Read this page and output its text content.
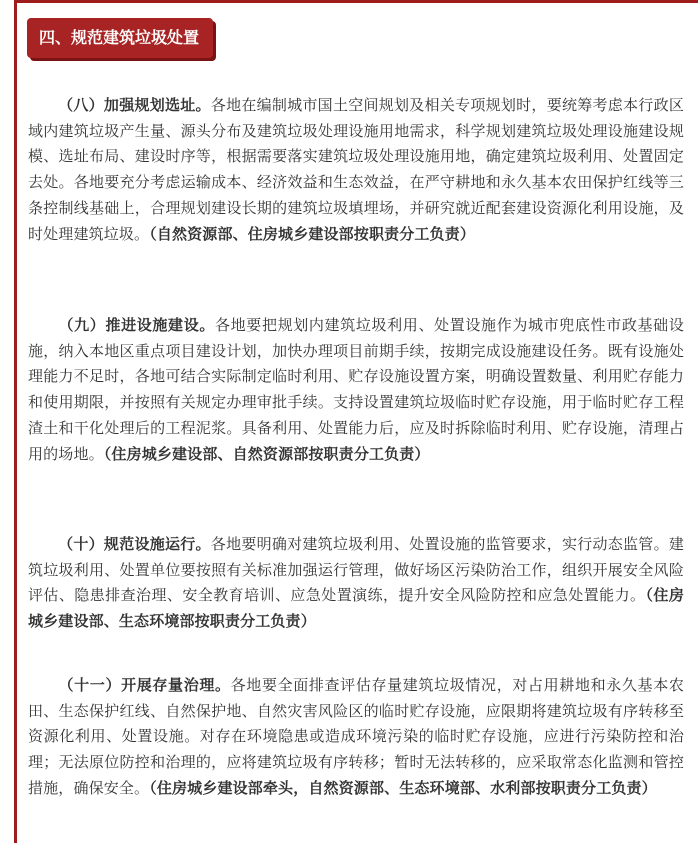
四、规范建筑垃圾处置

（八）加强规划选址。各地在编制城市国土空间规划及相关专项规划时，要统筹考虑本行政区域内建筑垃圾产生量、源头分布及建筑垃圾处理设施用地需求，科学规划建筑垃圾处理设施建设规模、选址布局、建设时序等，根据需要落实建筑垃圾处理设施用地，确定建筑垃圾利用、处置固定去处。各地要充分考虑运输成本、经济效益和生态效益，在严守耕地和永久基本农田保护红线等三条控制线基础上，合理规划建设长期的建筑垃圾填埋场，并研究就近配套建设资源化利用设施，及时处理建筑垃圾。（自然资源部、住房城乡建设部按职责分工负责）

（九）推进设施建设。各地要把规划内建筑垃圾利用、处置设施作为城市兜底性市政基础设施，纳入本地区重点项目建设计划，加快办理项目前期手续，按期完成设施建设任务。既有设施处理能力不足时，各地可结合实际制定临时利用、贮存设施设置方案，明确设置数量、利用贮存能力和使用期限，并按照有关规定办理审批手续。支持设置建筑垃圾临时贮存设施，用于临时贮存工程渣土和干化处理后的工程泥浆。具备利用、处置能力后，应及时拆除临时利用、贮存设施，清理占用的场地。（住房城乡建设部、自然资源部按职责分工负责）

（十）规范设施运行。各地要明确对建筑垃圾利用、处置设施的监管要求，实行动态监管。建筑垃圾利用、处置单位要按照有关标准加强运行管理，做好场区污染防治工作，组织开展安全风险评估、隐患排查治理、安全教育培训、应急处置演练，提升安全风险防控和应急处置能力。（住房城乡建设部、生态环境部按职责分工负责）

（十一）开展存量治理。各地要全面排查评估存量建筑垃圾情况，对占用耕地和永久基本农田、生态保护红线、自然保护地、自然灾害风险区的临时贮存设施，应限期将建筑垃圾有序转移至资源化利用、处置设施。对存在环境隐患或造成环境污染的临时贮存设施，应进行污染防控和治理；无法原位防控和治理的，应将建筑垃圾有序转移；暂时无法转移的，应采取常态化监测和管控措施，确保安全。（住房城乡建设部牵头，自然资源部、生态环境部、水利部按职责分工负责）
